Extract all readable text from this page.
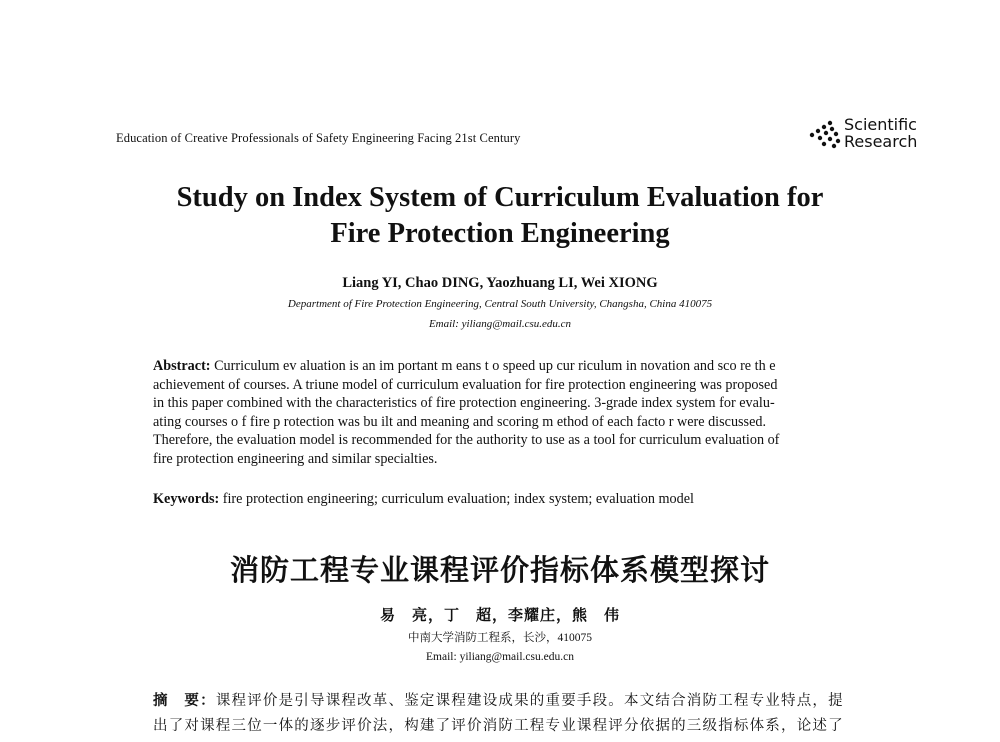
Education of Creative Professionals of Safety Engineering Facing 21st Century
Scientific
Research
Study on Index System of Curriculum Evaluation for
Fire Protection Engineering
Liang YI, Chao DING, Yaozhuang LI, Wei XIONG
Department of Fire Protection Engineering, Central South University, Changsha, China 410075
Email: yiliang@mail.csu.edu.cn
Abstract: Curriculum ev aluation is an im portant m eans t o speed up cur riculum in novation and sco re th e
achievement of courses. A triune model of curriculum evaluation for fire protection engineering was proposed
in this paper combined with the characteristics of fire protection engineering. 3-grade index system for evalu-
ating courses o f fire p rotection was bu ilt and meaning and scoring m ethod of each facto r were discussed.
Therefore, the evaluation model is recommended for the authority to use as a tool for curriculum evaluation of
fire protection engineering and similar specialties.
Keywords: fire protection engineering; curriculum evaluation; index system; evaluation model
消防工程专业课程评价指标体系模型探讨
易　亮，丁　超，李耀庄，熊　伟
中南大学消防工程系，长沙，410075
Email: yiliang@mail.csu.edu.cn
摘　要：课程评价是引导课程改革、鉴定课程建设成果的重要手段。本文结合消防工程专业特点，提
出了对课程三位一体的逐步评价法，构建了评价消防工程专业课程评分依据的三级指标体系，论述了
